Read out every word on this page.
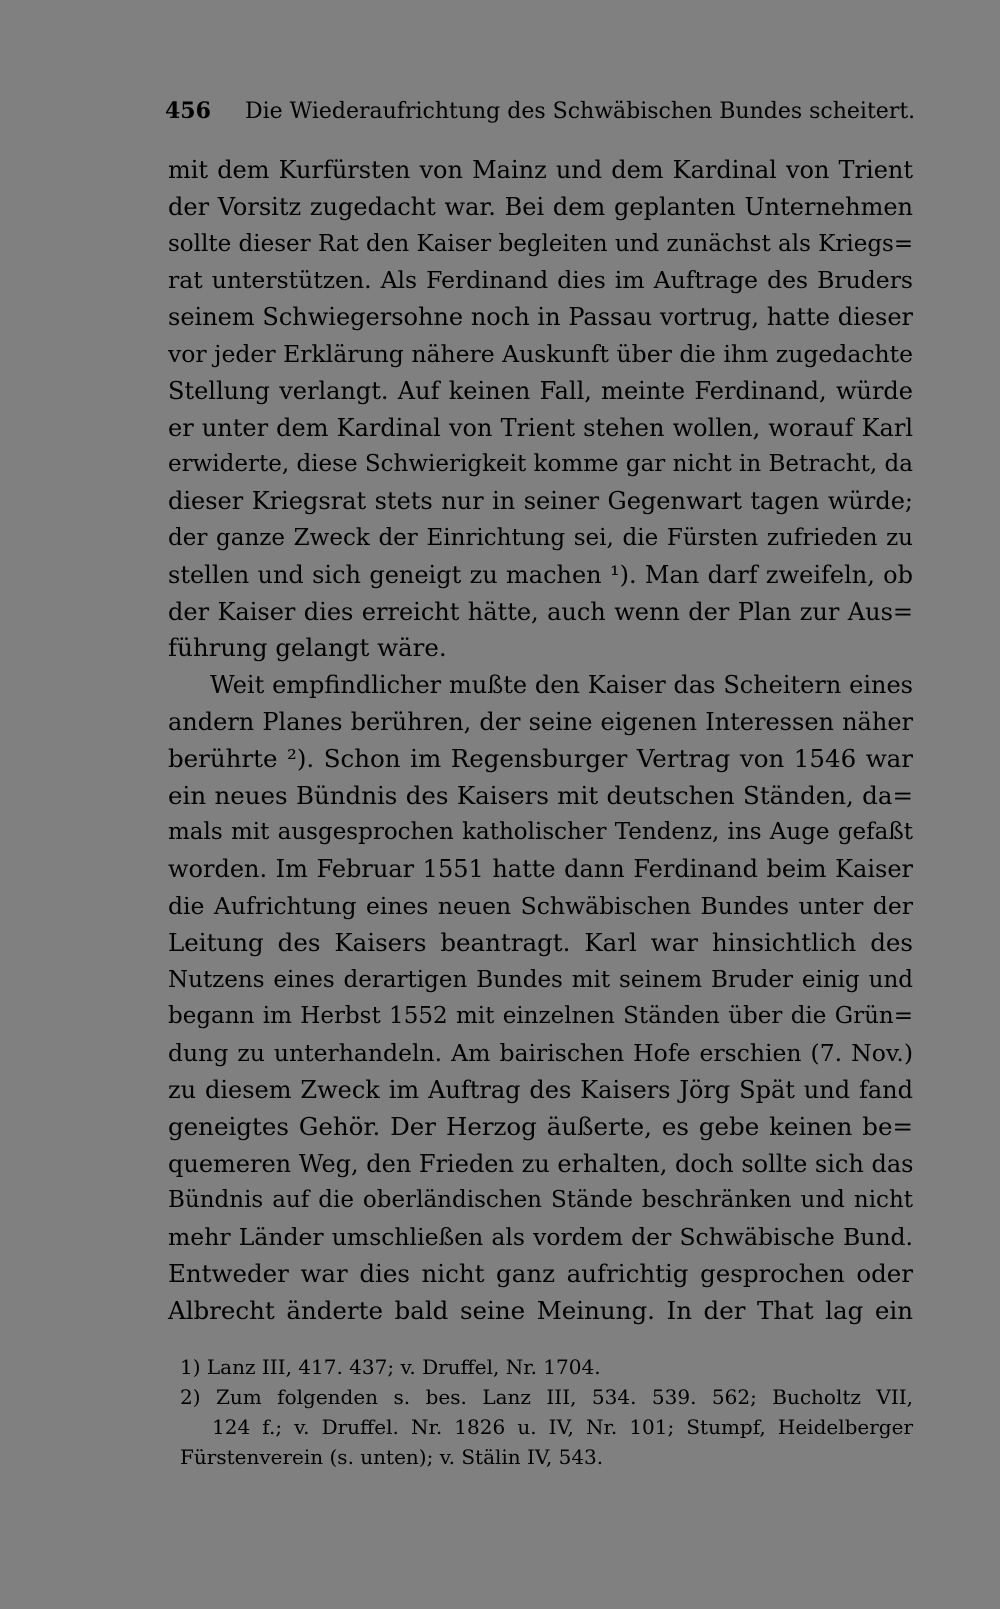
456 Die Wiederaufrichtung des Schwäbischen Bundes scheitert.
mit dem Kurfürsten von Mainz und dem Kardinal von Trient
der Vorsitz zugedacht war. Bei dem geplanten Unternehmen
sollte dieser Rat den Kaiser begleiten und zunächst als Kriegs=
rat unterstützen. Als Ferdinand dies im Auftrage des Bruders
seinem Schwiegersohne noch in Passau vortrug, hatte dieser
vor jeder Erklärung nähere Auskunft über die ihm zugedachte
Stellung verlangt. Auf keinen Fall, meinte Ferdinand, würde
er unter dem Kardinal von Trient stehen wollen, worauf Karl
erwiderte, diese Schwierigkeit komme gar nicht in Betracht, da
dieser Kriegsrat stets nur in seiner Gegenwart tagen würde;
der ganze Zweck der Einrichtung sei, die Fürsten zufrieden zu
stellen und sich geneigt zu machen ¹). Man darf zweifeln, ob
der Kaiser dies erreicht hätte, auch wenn der Plan zur Aus=
führung gelangt wäre.
Weit empfindlicher mußte den Kaiser das Scheitern eines
andern Planes berühren, der seine eigenen Interessen näher
berührte ²). Schon im Regensburger Vertrag von 1546 war
ein neues Bündnis des Kaisers mit deutschen Ständen, da=
mals mit ausgesprochen katholischer Tendenz, ins Auge gefaßt
worden. Im Februar 1551 hatte dann Ferdinand beim Kaiser
die Aufrichtung eines neuen Schwäbischen Bundes unter der
Leitung des Kaisers beantragt. Karl war hinsichtlich des
Nutzens eines derartigen Bundes mit seinem Bruder einig und
begann im Herbst 1552 mit einzelnen Ständen über die Grün=
dung zu unterhandeln. Am bairischen Hofe erschien (7. Nov.)
zu diesem Zweck im Auftrag des Kaisers Jörg Spät und fand
geneigtes Gehör. Der Herzog äußerte, es gebe keinen be=
quemeren Weg, den Frieden zu erhalten, doch sollte sich das
Bündnis auf die oberländischen Stände beschränken und nicht
mehr Länder umschließen als vordem der Schwäbische Bund.
Entweder war dies nicht ganz aufrichtig gesprochen oder
Albrecht änderte bald seine Meinung. In der That lag ein
1) Lanz III, 417. 437; v. Druffel, Nr. 1704.
2) Zum folgenden s. bes. Lanz III, 534. 539. 562; Bucholtz VII,
124 f.; v. Druffel. Nr. 1826 u. IV, Nr. 101; Stumpf, Heidelberger
Fürstenverein (s. unten); v. Stälin IV, 543.
